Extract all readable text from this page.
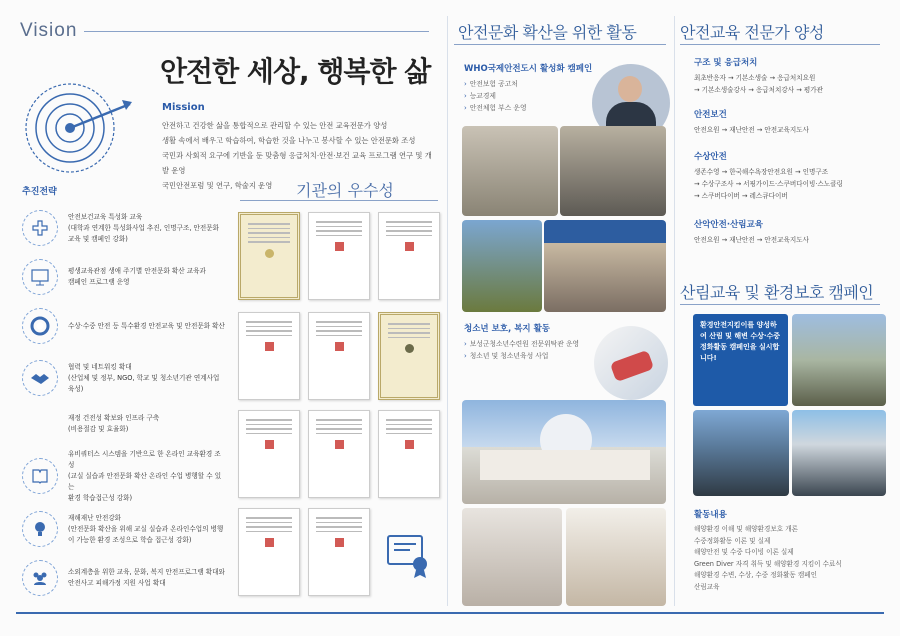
Vision
안전한 세상, 행복한 삶
Mission
안전하고 건강한 삶을 통합적으로 관리할 수 있는 안전 교육전문가 양성
생활 속에서 배우고 학습하여, 학습한 것을 나누고 봉사할 수 있는 안전문화 조성
국민과 사회적 요구에 기반을 둔 맞춤형 응급처치·안전·보건 교육 프로그램 연구 및 개발 운영
국민안전포럼 및 연구, 학술지 운영
추진전략
안전보건교육 특성화 교육
(대학과 연계한 특성화사업 추진, 인명구조, 안전문화
교육 및 캠페인 강화)
평생교육관점 생애 주기별 안전문화 확산 교육과
캠페인 프로그램 운영
수상·수중 안전 등 특수환경 안전교육 및 안전문화 확산
협력 및 네트워킹 확대
(산업체 및 정부, NGO, 학교 및 청소년기관 연계사업 육성)
재정 건전성 확보와 인프라 구축
(비용절감 및 효율화)
유비쿼터스 시스템을 기반으로 한 온라인 교육환경 조성
(교실 실습과 안전문화 확산 온라인 수업 병행할 수 있는
환경 학습접근성 강화)
재해재난 안전강화
(안전문화 확산을 위해 교실 실습과 온라인수업의 병행
이 가능한 환경 조성으로 학습 접근성 강화)
소외계층을 위한 교육, 문화, 복지 안전프로그램 확대와
안전사고 피해가정 지원 사업 확대
기관의 우수성
안전문화 확산을 위한 활동
WHO국제안전도시 활성화 캠페인
› 안전보험 공고처
› 능교경제
› 안전체험 부스 운영
청소년 보호, 복지 활동
› 보성군청소년수련원 전문위탁관 운영
› 청소년 및 청소년육성 사업
안전교육 전문가 양성
구조 및 응급처치
최초반응자 → 기본소생술 → 응급처치요원
→ 기본소생술강사 → 응급처치강사 → 평가관
안전보건
안전요원 → 재난안전 → 안전교육지도사
수상안전
생존수영 → 한국해수욕장안전요원 → 인명구조
→ 수상구조사 → 서핑가이드·스쿠버다이빙·스노클링
→ 스쿠버다이버 → 레스큐다이버
산악안전·산림교육
안전요원 → 재난안전 → 안전교육지도사
산림교육 및 환경보호 캠페인
환경안전지킴이를 양성하여 산림 및 해변 수상·수중 정화활동 캠페인을 실시합니다!
활동내용
해양환경 이해 및 해양환경보호 개론
수중정화활동 이론 및 실제
해양안전 및 수중 다이빙 이론 실제
Green Diver 자격 취득 및 해양환경 지킴이 수료식
해양환경 수변, 수상, 수중 정화활동 캠페인
산림교육
